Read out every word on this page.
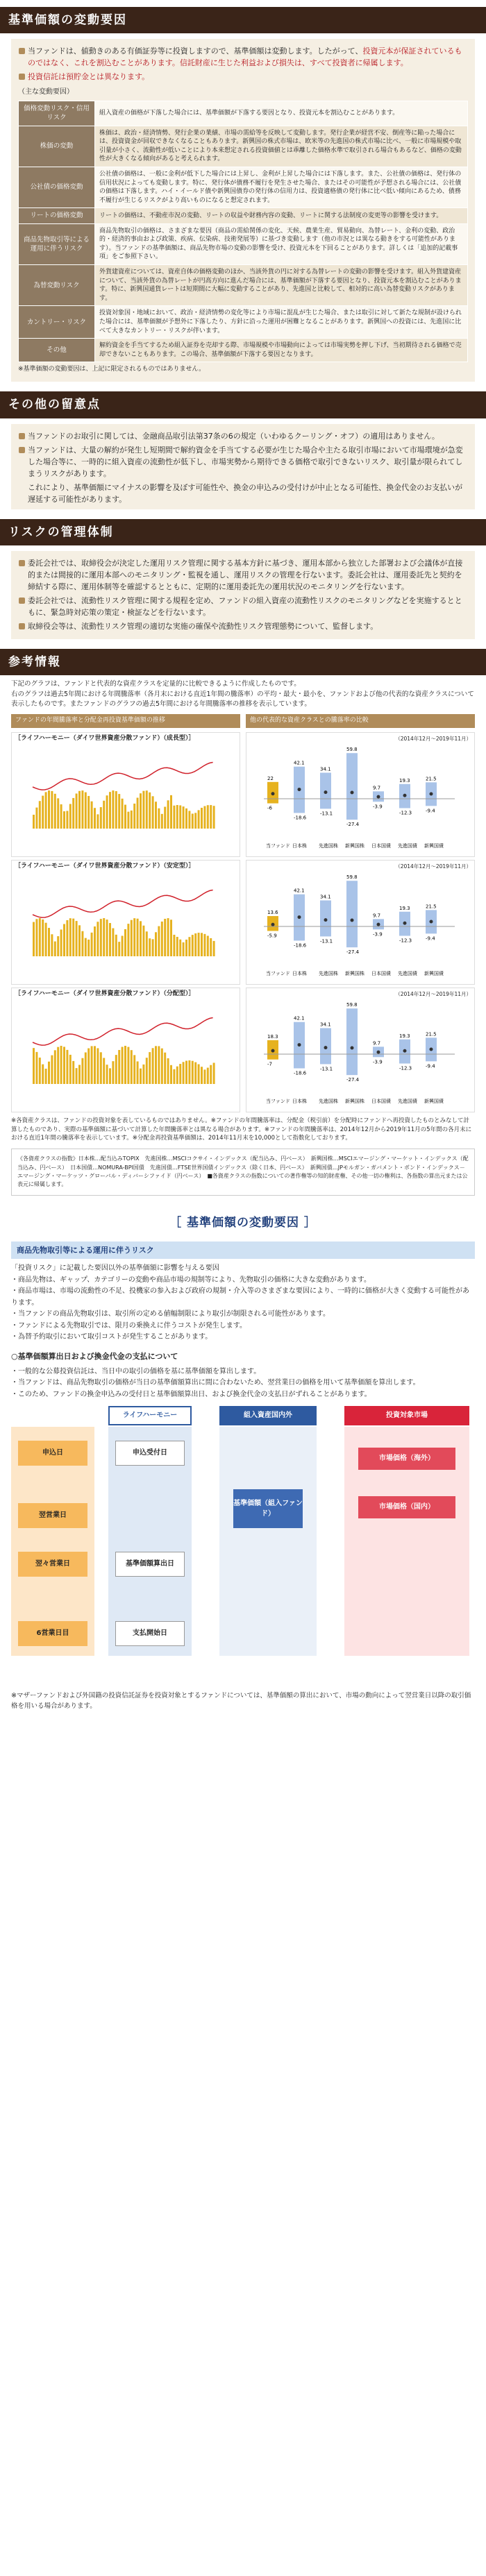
基準価額の変動要因
当ファンドは、値動きのある有価証券等に投資しますので、基準価額は変動します。したがって、投資元本が保証されているものではなく、これを割込むことがあります。信託財産に生じた利益および損失は、すべて投資者に帰属します。
投資信託は預貯金とは異なります。
（主な変動要因）
価格変動リスク・信用リスク	組入資産の価格が下落した場合には、基準価額が下落する要因となり、投資元本を割込むことがあります。
株価の変動	株価は、政治・経済情勢、発行企業の業績、市場の需給等を反映して変動します。発行企業が経営不安、倒産等に陥った場合には、投資資金が回収できなくなることもあります。新興国の株式市場は、欧米等の先進国の株式市場に比べ、一般に市場規模や取引量が小さく、流動性が低いことにより本来想定される投資価値とは乖離した価格水準で取引される場合もあるなど、価格の変動性が大きくなる傾向があると考えられます。
公社債の価格変動	公社債の価格は、一般に金利が低下した場合には上昇し、金利が上昇した場合には下落します。また、公社債の価格は、発行体の信用状況によっても変動します。特に、発行体が債務不履行を発生させた場合、またはその可能性が予想される場合には、公社債の価格は下落します。ハイ・イールド債や新興国債券の発行体の信用力は、投資適格債の発行体に比べ低い傾向にあるため、債務不履行が生じるリスクがより高いものになると想定されます。
リートの価格変動	リートの価格は、不動産市況の変動、リートの収益や財務内容の変動、リートに関する法制度の変更等の影響を受けます。
商品先物取引等による運用に伴うリスク	商品先物取引の価格は、さまざまな要因（商品の需給関係の変化、天候、農業生産、貿易動向、為替レート、金利の変動、政治的・経済的事由および政策、疾病、伝染病、技術発展等）に基づき変動します（他の市況とは異なる動きをする可能性があります）。当ファンドの基準価額は、商品先物市場の変動の影響を受け、投資元本を下回ることがあります。詳しくは「追加的記載事項」をご参照下さい。
為替変動リスク	外貨建資産については、資産自体の価格変動のほか、当該外貨の円に対する為替レートの変動の影響を受けます。組入外貨建資産について、当該外貨の為替レートが円高方向に進んだ場合には、基準価額が下落する要因となり、投資元本を割込むことがあります。特に、新興国通貨レートは短期間に大幅に変動することがあり、先進国と比較して、相対的に高い為替変動リスクがあります。
カントリー・リスク	投資対象国・地域において、政治・経済情勢の変化等により市場に混乱が生じた場合、または取引に対して新たな規制が設けられた場合には、基準価額が予想外に下落したり、方針に沿った運用が困難となることがあります。新興国への投資には、先進国に比べて大きなカントリー・リスクが伴います。
その他	解約資金を手当てするため組入証券を売却する際、市場規模や市場動向によっては市場実勢を押し下げ、当初期待される価格で売却できないこともあります。この場合、基準価額が下落する要因となります。
※基準価額の変動要因は、上記に限定されるものではありません。
その他の留意点
当ファンドのお取引に関しては、金融商品取引法第37条の6の規定（いわゆるクーリング・オフ）の適用はありません。
当ファンドは、大量の解約が発生し短期間で解約資金を手当てする必要が生じた場合や主たる取引市場において市場環境が急変した場合等に、一時的に組入資産の流動性が低下し、市場実勢から期待できる価格で取引できないリスク、取引量が限られてしまうリスクがあります。
これにより、基準価額にマイナスの影響を及ぼす可能性や、換金の申込みの受付けが中止となる可能性、換金代金のお支払いが遅延する可能性があります。
リスクの管理体制
委託会社では、取締役会が決定した運用リスク管理に関する基本方針に基づき、運用本部から独立した部署および会議体が直接的または間接的に運用本部へのモニタリング・監視を通し、運用リスクの管理を行ないます。委託会社は、運用委託先と契約を締結する際に、運用体制等を確認するとともに、定期的に運用委託先の運用状況のモニタリングを行ないます。
委託会社では、流動性リスク管理に関する規程を定め、ファンドの組入資産の流動性リスクのモニタリングなどを実施するとともに、緊急時対応策の策定・検証などを行ないます。
取締役会等は、流動性リスク管理の適切な実施の確保や流動性リスク管理態勢について、監督します。
参考情報
下記のグラフは、ファンドと代表的な資産クラスを定量的に比較できるように作成したものです。
右のグラフは過去5年間における年間騰落率（各月末における直近1年間の騰落率）の平均・最大・最小を、ファンドおよび他の代表的な資産クラスについて表示したものです。またファンドのグラフの過去5年間における年間騰落率の推移を表示しています。
ファンドの年間騰落率と分配金再投資基準価額の推移	他の代表的な資産クラスとの騰落率の比較
［ライフハーモニー（ダイワ世界資産分散ファンド）（成長型）］	（2014年12月〜2019年11月）
22
-6
当ファンド
42.1
-18.6
日本株
34.1
-13.1
先進国株
59.8
-27.4
新興国株
9.7
-3.9
日本国債
19.3
-12.3
先進国債
21.5
-9.4
新興国債
［ライフハーモニー（ダイワ世界資産分散ファンド）（安定型）］	（2014年12月〜2019年11月）
13.6
-5.9
当ファンド
42.1
-18.6
日本株
34.1
-13.1
先進国株
59.8
-27.4
新興国株
9.7
-3.9
日本国債
19.3
-12.3
先進国債
21.5
-9.4
新興国債
［ライフハーモニー（ダイワ世界資産分散ファンド）（分配型）］	（2014年12月〜2019年11月）
18.3
-7
当ファンド
42.1
-18.6
日本株
34.1
-13.1
先進国株
59.8
-27.4
新興国株
9.7
-3.9
日本国債
19.3
-12.3
先進国債
21.5
-9.4
新興国債
※各資産クラスは、ファンドの投資対象を表しているものではありません。※ファンドの年間騰落率は、分配金（税引前）を分配時にファンドへ再投資したものとみなして計算したものであり、実際の基準価額に基づいて計算した年間騰落率とは異なる場合があります。※ファンドの年間騰落率は、2014年12月から2019年11月の5年間の各月末における直近1年間の騰落率を表示しています。※分配金再投資基準価額は、2014年11月末を10,000として指数化しております。
《各資産クラスの指数》日本株…配当込みTOPIX　先進国株…MSCIコクサイ・インデックス（配当込み、円ベース）　新興国株…MSCIエマージング・マーケット・インデックス（配当込み、円ベース）　日本国債…NOMURA-BPI国債　先進国債…FTSE世界国債インデックス（除く日本、円ベース）　新興国債…JPモルガン・ガバメント・ボンド・インデックス－エマージング・マーケッツ・グローバル・ディバーシファイド（円ベース）　■各資産クラスの指数についての著作権等の知的財産権、その他一切の権利は、各指数の算出元または公表元に帰属します。
［ 基準価額の変動要因 ］
商品先物取引等による運用に伴うリスク
「投資リスク」に記載した要因以外の基準価額に影響を与える要因
・商品先物は、ギャップ、カテゴリーの変動や商品市場の規制等により、先物取引の価格に大きな変動があります。
・商品市場は、市場の流動性の不足、投機家の参入および政府の規制・介入等のさまざまな要因により、一時的に価格が大きく変動する可能性があります。
・当ファンドの商品先物取引は、取引所の定める値幅制限により取引が制限される可能性があります。
・ファンドによる先物取引では、限月の乗換えに伴うコストが発生します。
・為替予約取引において取引コストが発生することがあります。
○基準価額算出日および換金代金の支払について
・一般的な公募投資信託は、当日中の取引の価格を基に基準価額を算出します。
・当ファンドは、商品先物取引の価格が当日の基準価額算出に間に合わないため、翌営業日の価格を用いて基準価額を算出します。
・このため、ファンドの換金申込みの受付日と基準価額算出日、および換金代金の支払日がずれることがあります。
ライフハーモニー	組入資産国内外	投資対象市場
申込日
翌営業日
翌々営業日
6営業日目
申込受付日
基準価額算出日
支払開始日
基準価額（組入ファンド）
市場価格（海外）
市場価格（国内）
※マザーファンドおよび外国籍の投資信託証券を投資対象とするファンドについては、基準価額の算出において、市場の動向によって翌営業日以降の取引価格を用いる場合があります。
